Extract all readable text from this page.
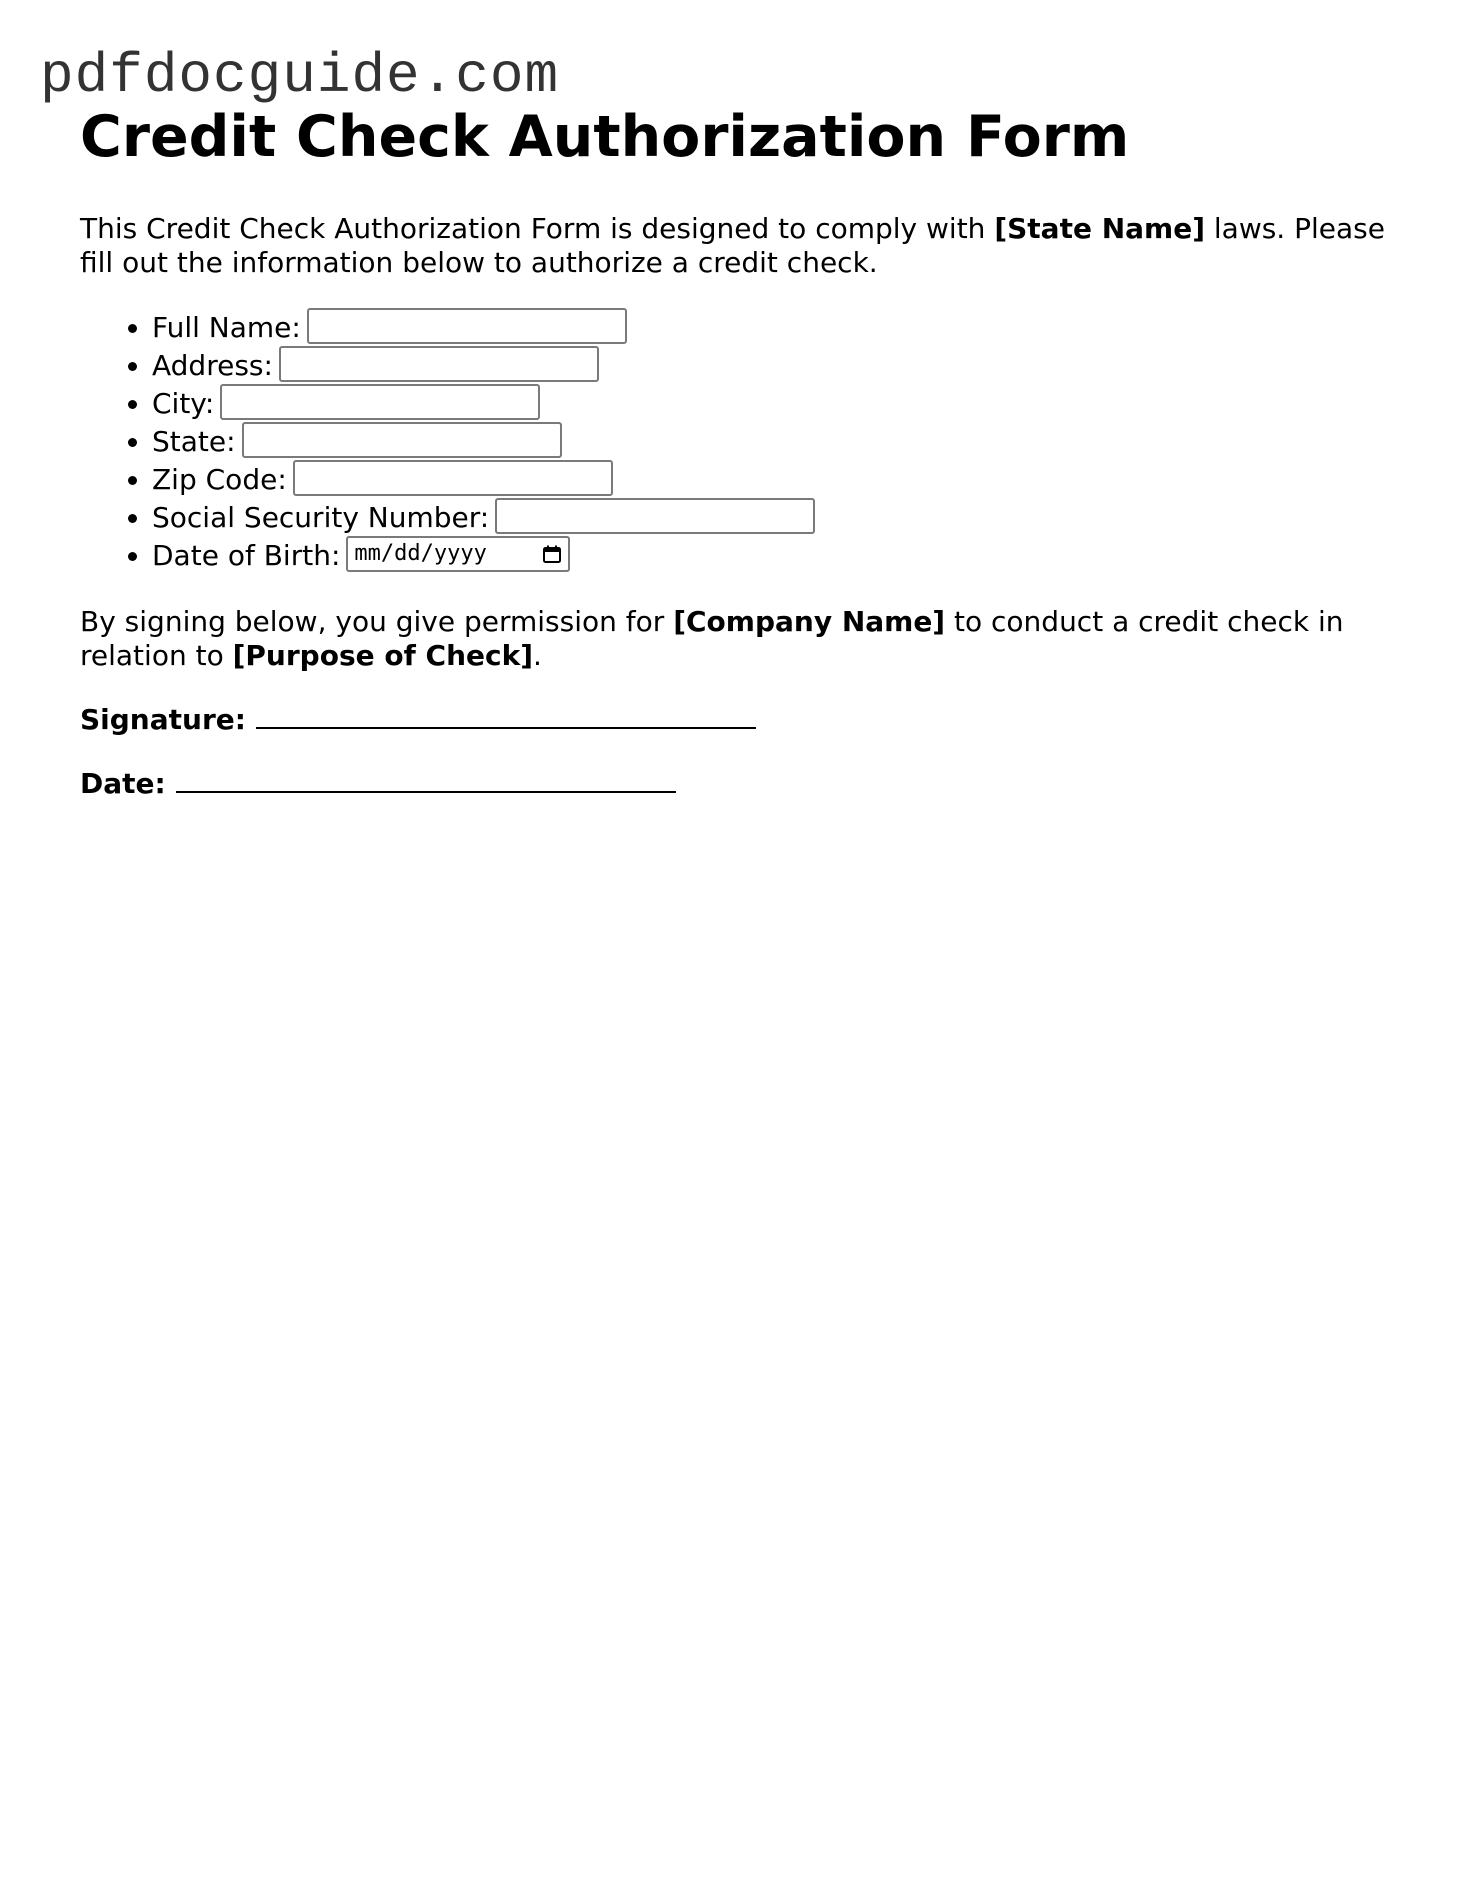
pdfdocguide.com
Credit Check Authorization Form

This Credit Check Authorization Form is designed to comply with [State Name] laws. Please fill out the information below to authorize a credit check.

• Full Name:
• Address:
• City:
• State:
• Zip Code:
• Social Security Number:
• Date of Birth: mm/dd/yyyy

By signing below, you give permission for [Company Name] to conduct a credit check in relation to [Purpose of Check].

Signature:
Date:
